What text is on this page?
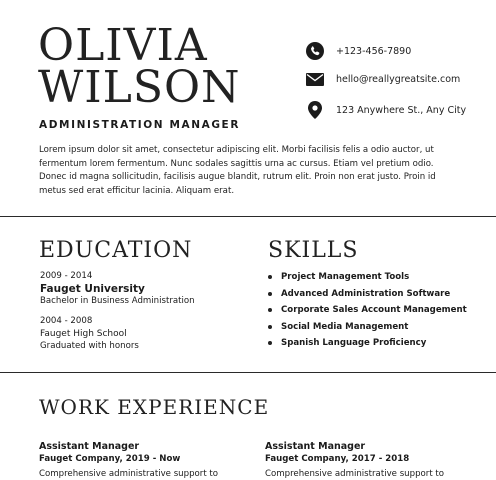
OLIVIA
WILSON
ADMINISTRATION MANAGER
+123-456-7890
hello@reallygreatsite.com
123 Anywhere St., Any City

Lorem ipsum dolor sit amet, consectetur adipiscing elit. Morbi facilisis felis a odio auctor, ut fermentum lorem fermentum. Nunc sodales sagittis urna ac cursus. Etiam vel pretium odio. Donec id magna sollicitudin, facilisis augue blandit, rutrum elit. Proin non erat justo. Proin id metus sed erat efficitur lacinia. Aliquam erat.

EDUCATION
2009 - 2014
Fauget University
Bachelor in Business Administration
2004 - 2008
Fauget High School
Graduated with honors
SKILLS
Project Management Tools
Advanced Administration Software
Corporate Sales Account Management
Social Media Management
Spanish Language Proficiency
WORK EXPERIENCE
Assistant Manager
Fauget Company, 2019 - Now
Comprehensive administrative support to
Assistant Manager
Fauget Company, 2017 - 2018
Comprehensive administrative support to
